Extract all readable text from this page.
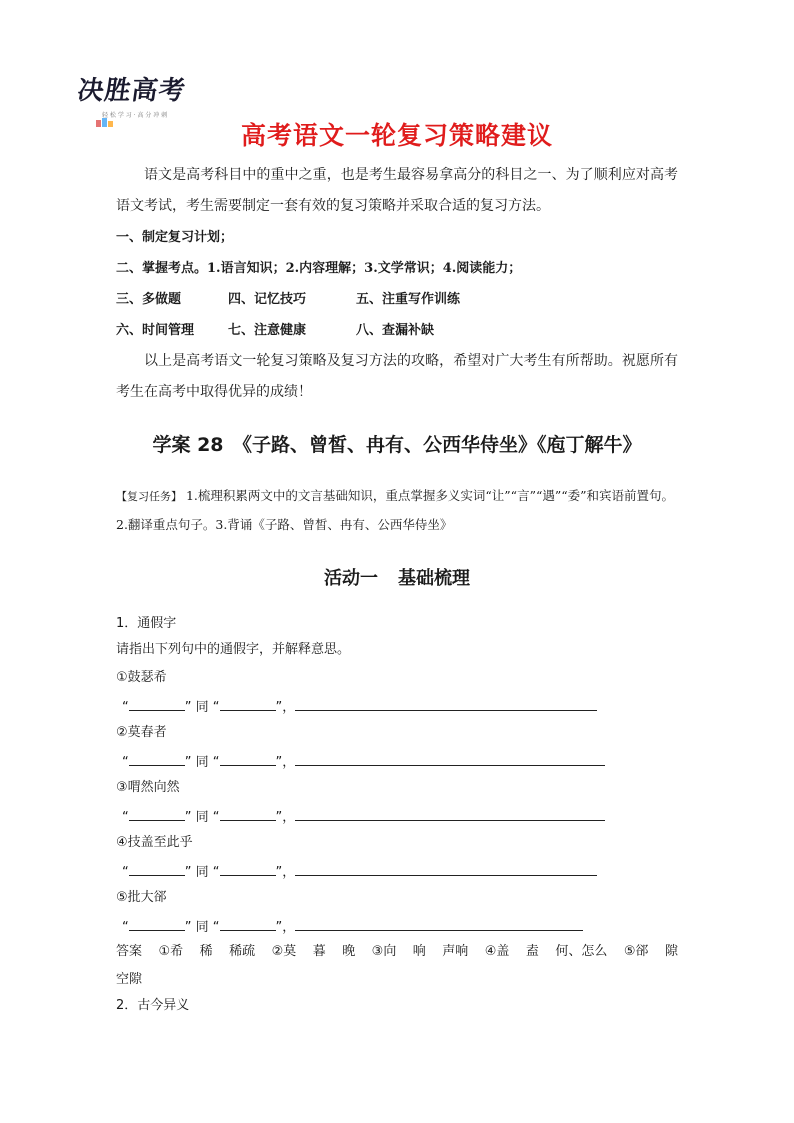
决胜高考
轻 松 学 习 · 高 分 冲 刺
高考语文一轮复习策略建议
语文是高考科目中的重中之重，也是考生最容易拿高分的科目之一、为了顺利应对高考语文考试，考生需要制定一套有效的复习策略并采取合适的复习方法。
一、制定复习计划；
二、掌握考点。1.语言知识；2.内容理解；3.文学常识；4.阅读能力；
三、多做题	四、记忆技巧	五、注重写作训练
六、时间管理	七、注意健康	八、查漏补缺
以上是高考语文一轮复习策略及复习方法的攻略，希望对广大考生有所帮助。祝愿所有考生在高考中取得优异的成绩！
学案 28　《子路、曾皙、冉有、公西华侍坐》《庖丁解牛》
【复习任务】 1.梳理积累两文中的文言基础知识，重点掌握多义实词“让”“言”“遇”“委”和宾语前置句。2.翻译重点句子。3.背诵《子路、曾皙、冉有、公西华侍坐》
活动一 基础梳理
1．通假字
请指出下列句中的通假字，并解释意思。
①鼓瑟希
“	” 同 “	”，
②莫春者
“	” 同 “	”，
③喟然向然
“	” 同 “	”，
④技盖至此乎
“	” 同 “	”，
⑤批大郤
“	” 同 “	”，
答案 ①希 稀 稀疏 ②莫 暮 晚 ③向 响 声响 ④盖 盍 何、怎么 ⑤郤 隙
空隙
2．古今异义
